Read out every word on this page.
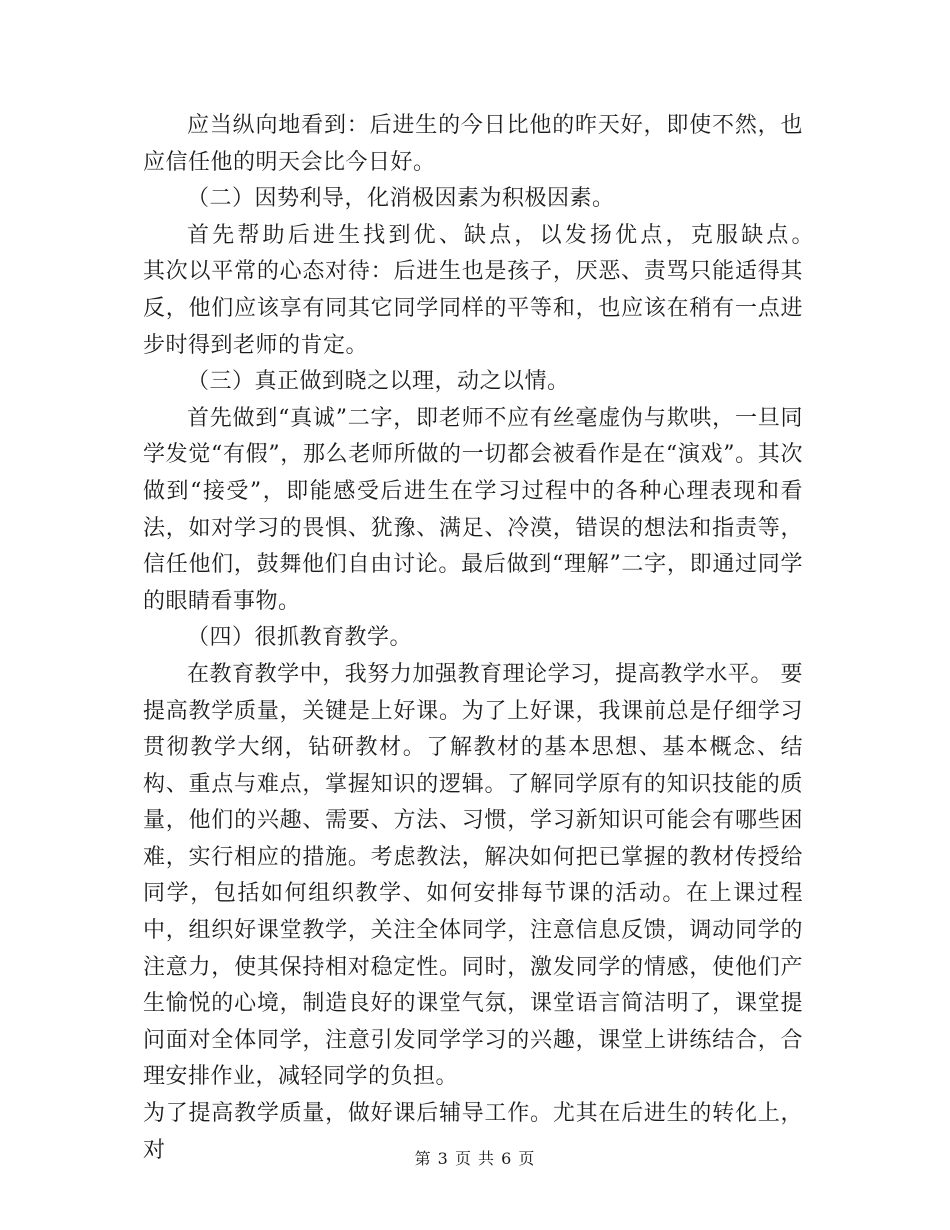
应当纵向地看到：后进生的今日比他的昨天好，即使不然，也应信任他的明天会比今日好。

（二）因势利导，化消极因素为积极因素。

首先帮助后进生找到优、缺点，以发扬优点，克服缺点。　　其次以平常的心态对待：后进生也是孩子，厌恶、责骂只能适得其反，他们应该享有同其它同学同样的平等和，也应该在稍有一点进步时得到老师的肯定。

（三）真正做到晓之以理，动之以情。

首先做到“真诚”二字，即老师不应有丝毫虚伪与欺哄，一旦同学发觉“有假”，那么老师所做的一切都会被看作是在“演戏”。其次做到“接受”，即能感受后进生在学习过程中的各种心理表现和看法，如对学习的畏惧、犹豫、满足、冷漠，错误的想法和指责等，信任他们，鼓舞他们自由讨论。最后做到“理解”二字，即通过同学的眼睛看事物。

（四）很抓教育教学。

在教育教学中，我努力加强教育理论学习，提高教学水平。 要提高教学质量，关键是上好课。为了上好课，我课前总是仔细学习贯彻教学大纲，钻研教材。了解教材的基本思想、基本概念、结构、重点与难点，掌握知识的逻辑。了解同学原有的知识技能的质量，他们的兴趣、需要、方法、习惯，学习新知识可能会有哪些困难，实行相应的措施。考虑教法，解决如何把已掌握的教材传授给同学，包括如何组织教学、如何安排每节课的活动。在上课过程中，组织好课堂教学，关注全体同学，注意信息反馈，调动同学的注意力，使其保持相对稳定性。同时，激发同学的情感，使他们产生愉悦的心境，制造良好的课堂气氛，课堂语言简洁明了，课堂提问面对全体同学，注意引发同学学习的兴趣，课堂上讲练结合，合理安排作业，减轻同学的负担。

为了提高教学质量，做好课后辅导工作。尤其在后进生的转化上，对	第 3 页 共 6 页
